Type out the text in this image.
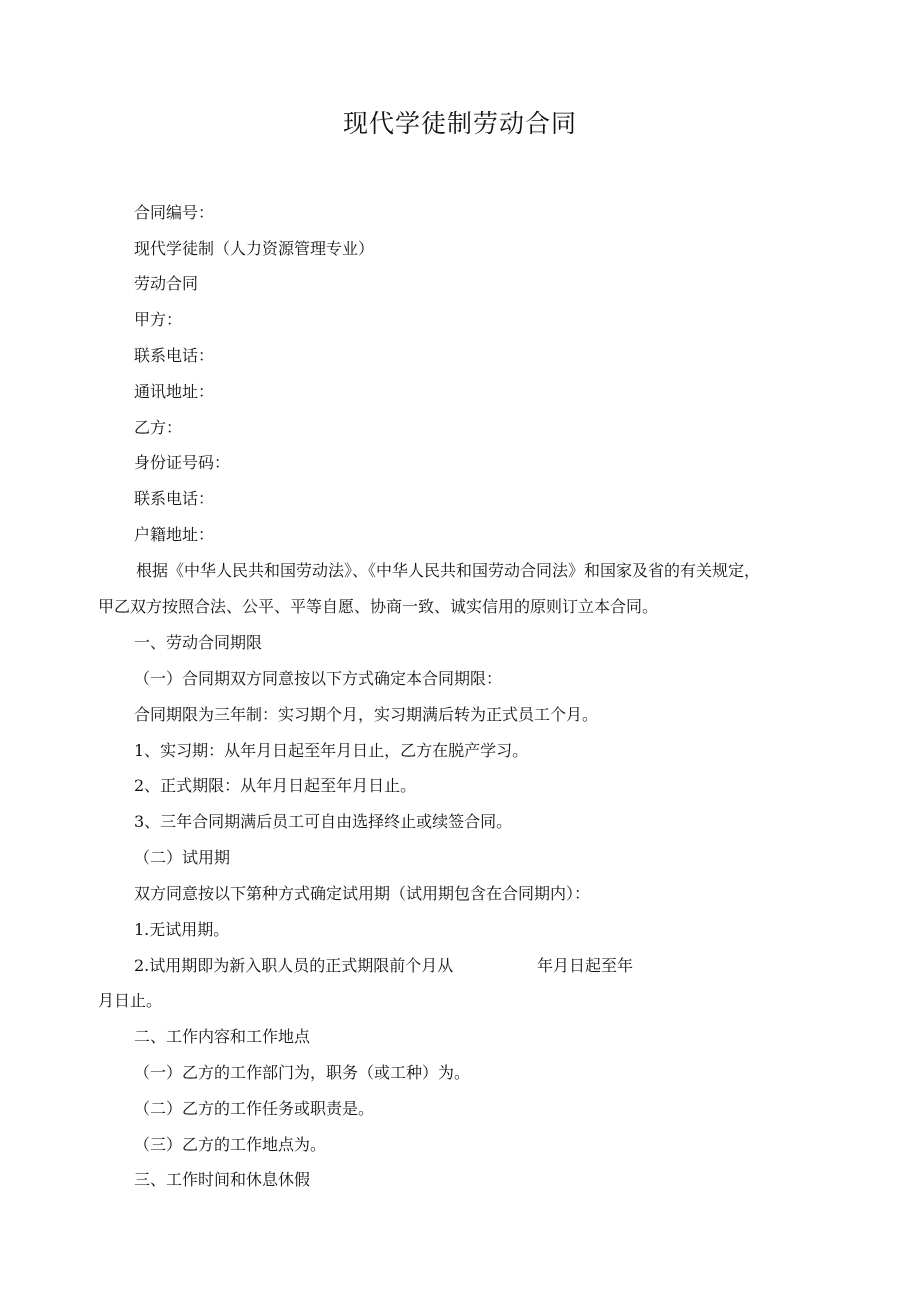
现代学徒制劳动合同
合同编号：
现代学徒制（人力资源管理专业）
劳动合同
甲方：
联系电话：
通讯地址：
乙方：
身份证号码：
联系电话：
户籍地址：
根据《中华人民共和国劳动法》、《中华人民共和国劳动合同法》和国家及省的有关规定，
甲乙双方按照合法、公平、平等自愿、协商一致、诚实信用的原则订立本合同。
一、劳动合同期限
（一）合同期双方同意按以下方式确定本合同期限：
合同期限为三年制：实习期个月，实习期满后转为正式员工个月。
1、实习期：从年月日起至年月日止，乙方在脱产学习。
2、正式期限：从年月日起至年月日止。
3、三年合同期满后员工可自由选择终止或续签合同。
（二）试用期
双方同意按以下第种方式确定试用期（试用期包含在合同期内）：
1.无试用期。
2.试用期即为新入职人员的正式期限前个月从	年月日起至年
月日止。
二、工作内容和工作地点
（一）乙方的工作部门为，职务（或工种）为。
（二）乙方的工作任务或职责是。
（三）乙方的工作地点为。
三、工作时间和休息休假
